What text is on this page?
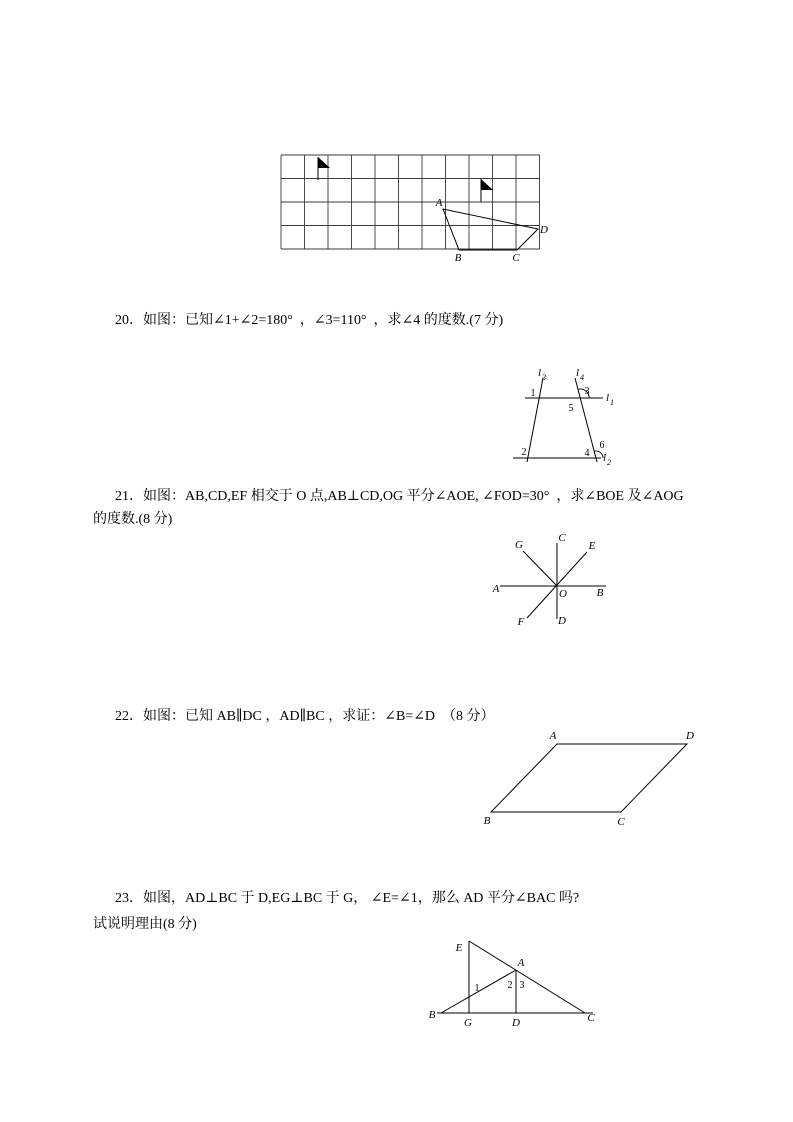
A
B	C
D
20．如图：已知∠1+∠2=180°  ，∠3=110°  ，求∠4 的度数.(7 分)
l 3	l 4
l 1
l 2
1
2
3
5
6
4
21．如图：AB,CD,EF 相交于 O 点,AB⊥CD,OG 平分∠AOE, ∠FOD=30°  ，求∠BOE 及∠AOG
的度数.(8 分)
G
C
E
A	O	B
F	D
22．如图：已知 AB∥DC ，AD∥BC ，求证：∠B=∠D  （8 分）
A	D
B	C
23．如图，AD⊥BC 于 D,EG⊥BC 于 G， ∠E=∠1，那么 AD 平分∠BAC 吗?
试说明理由(8 分)
E
A
B	C
G	D
1	2 3
